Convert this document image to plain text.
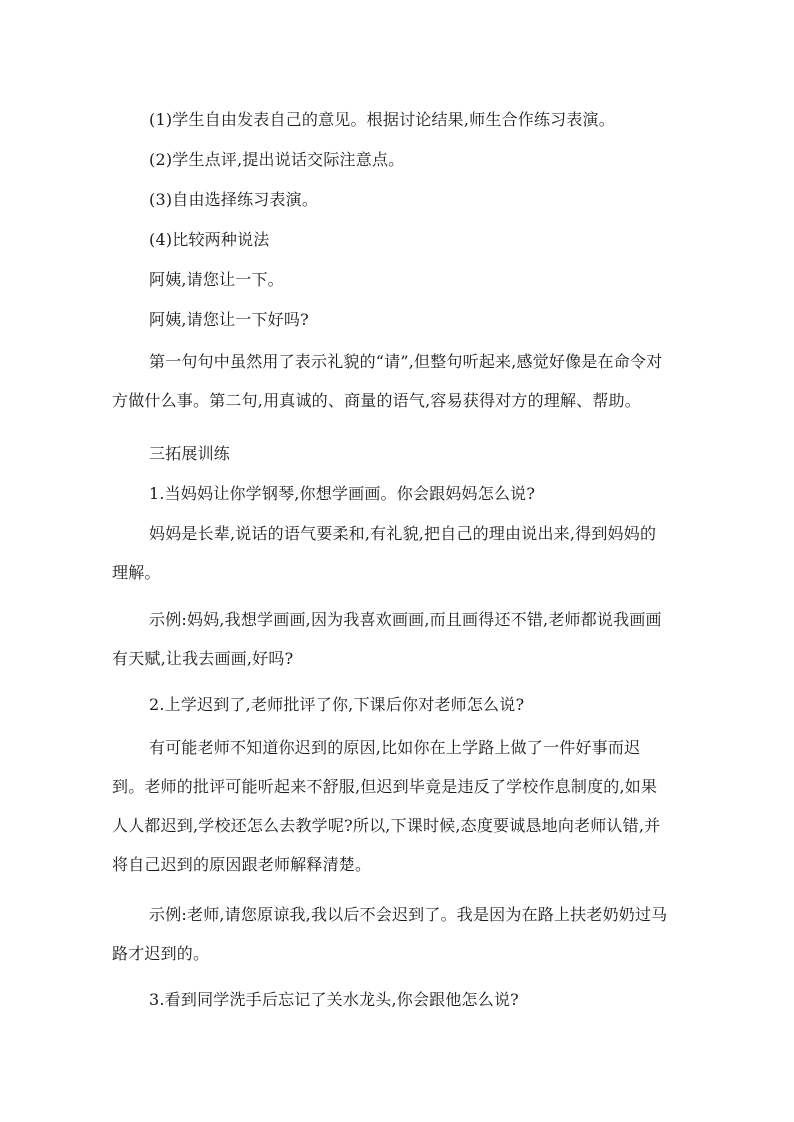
(1)学生自由发表自己的意见。根据讨论结果,师生合作练习表演。

(2)学生点评,提出说话交际注意点。

(3)自由选择练习表演。

(4)比较两种说法

阿姨,请您让一下。

阿姨,请您让一下好吗?

第一句句中虽然用了表示礼貌的“请”,但整句听起来,感觉好像是在命令对方做什么事。第二句,用真诚的、商量的语气,容易获得对方的理解、帮助。

三拓展训练

1.当妈妈让你学钢琴,你想学画画。你会跟妈妈怎么说?

妈妈是长辈,说话的语气要柔和,有礼貌,把自己的理由说出来,得到妈妈的理解。

示例:妈妈,我想学画画,因为我喜欢画画,而且画得还不错,老师都说我画画有天赋,让我去画画,好吗?

2.上学迟到了,老师批评了你,下课后你对老师怎么说?

有可能老师不知道你迟到的原因,比如你在上学路上做了一件好事而迟到。老师的批评可能听起来不舒服,但迟到毕竟是违反了学校作息制度的,如果人人都迟到,学校还怎么去教学呢?所以,下课时候,态度要诚恳地向老师认错,并将自己迟到的原因跟老师解释清楚。

示例:老师,请您原谅我,我以后不会迟到了。我是因为在路上扶老奶奶过马路才迟到的。

3.看到同学洗手后忘记了关水龙头,你会跟他怎么说?
